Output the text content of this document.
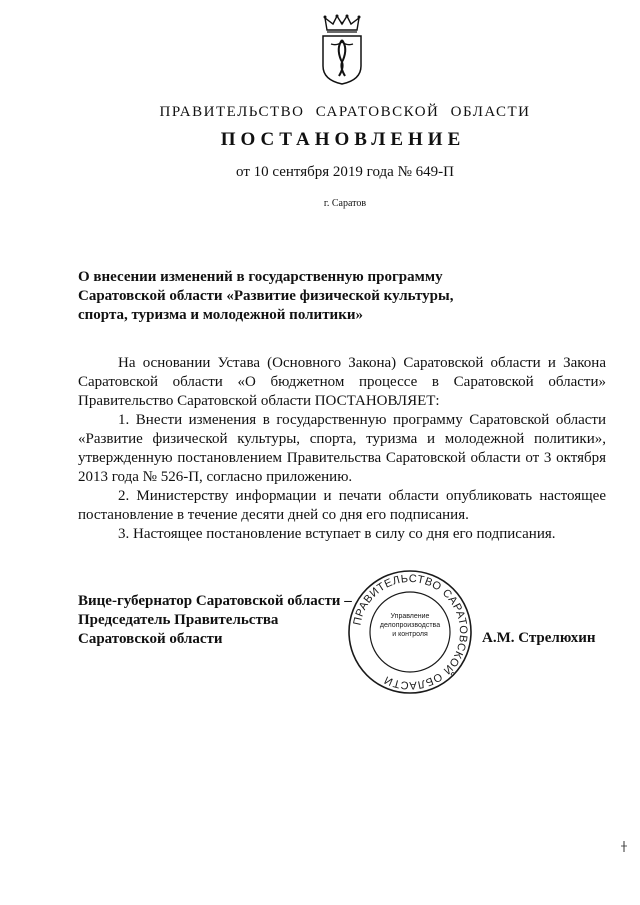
ПРАВИТЕЛЬСТВО САРАТОВСКОЙ ОБЛАСТИ
ПОСТАНОВЛЕНИЕ
от 10 сентября 2019 года № 649-П
г. Саратов
О внесении изменений в государственную программу
Саратовской области «Развитие физической культуры,
спорта, туризма и молодежной политики»

На основании Устава (Основного Закона) Саратовской области и Закона Саратовской области «О бюджетном процессе в Саратовской области» Правительство Саратовской области ПОСТАНОВЛЯЕТ:

1. Внести изменения в государственную программу Саратовской области «Развитие физической культуры, спорта, туризма и молодежной политики», утвержденную постановлением Правительства Саратовской области от 3 октября 2013 года № 526-П, согласно приложению.

2. Министерству информации и печати области опубликовать настоящее постановление в течение десяти дней со дня его подписания.

3. Настоящее постановление вступает в силу со дня его подписания.

Вице-губернатор Саратовской области –
Председатель Правительства
Саратовской области
ПРАВИТЕЛЬСТВО САРАТОВСКОЙ ОБЛАСТИ
Управление
делопроизводства
и контроля	А.М. Стрелюхин
